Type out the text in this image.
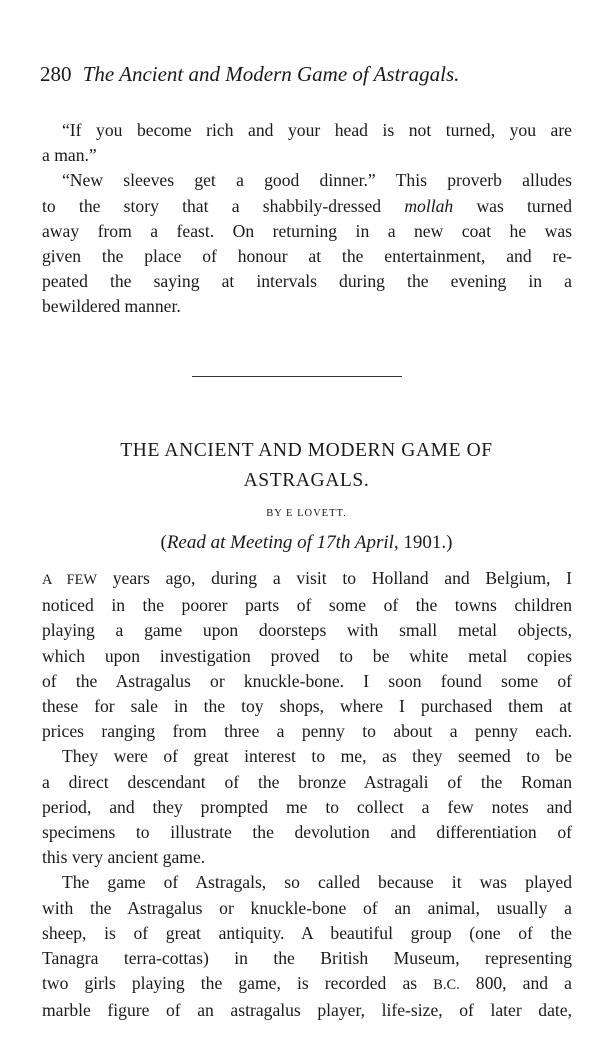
280 The Ancient and Modern Game of Astragals.

“If you become rich and your head is not turned, you are
a man.”

“New sleeves get a good dinner.” This proverb alludes
to the story that a shabbily-dressed mollah was turned
away from a feast. On returning in a new coat he was
given the place of honour at the entertainment, and re-
peated the saying at intervals during the evening in a
bewildered manner.

THE ANCIENT AND MODERN GAME OF
ASTRAGALS.
BY E LOVETT.
(Read at Meeting of 17th April, 1901.)

A FEW years ago, during a visit to Holland and Belgium, I
noticed in the poorer parts of some of the towns children
playing a game upon doorsteps with small metal objects,
which upon investigation proved to be white metal copies
of the Astragalus or knuckle-bone. I soon found some of
these for sale in the toy shops, where I purchased them at
prices ranging from three a penny to about a penny each.

They were of great interest to me, as they seemed to be
a direct descendant of the bronze Astragali of the Roman
period, and they prompted me to collect a few notes and
specimens to illustrate the devolution and differentiation of
this very ancient game.

The game of Astragals, so called because it was played
with the Astragalus or knuckle-bone of an animal, usually a
sheep, is of great antiquity. A beautiful group (one of the
Tanagra terra-cottas) in the British Museum, representing
two girls playing the game, is recorded as B.C. 800, and a
marble figure of an astragalus player, life-size, of later date,
